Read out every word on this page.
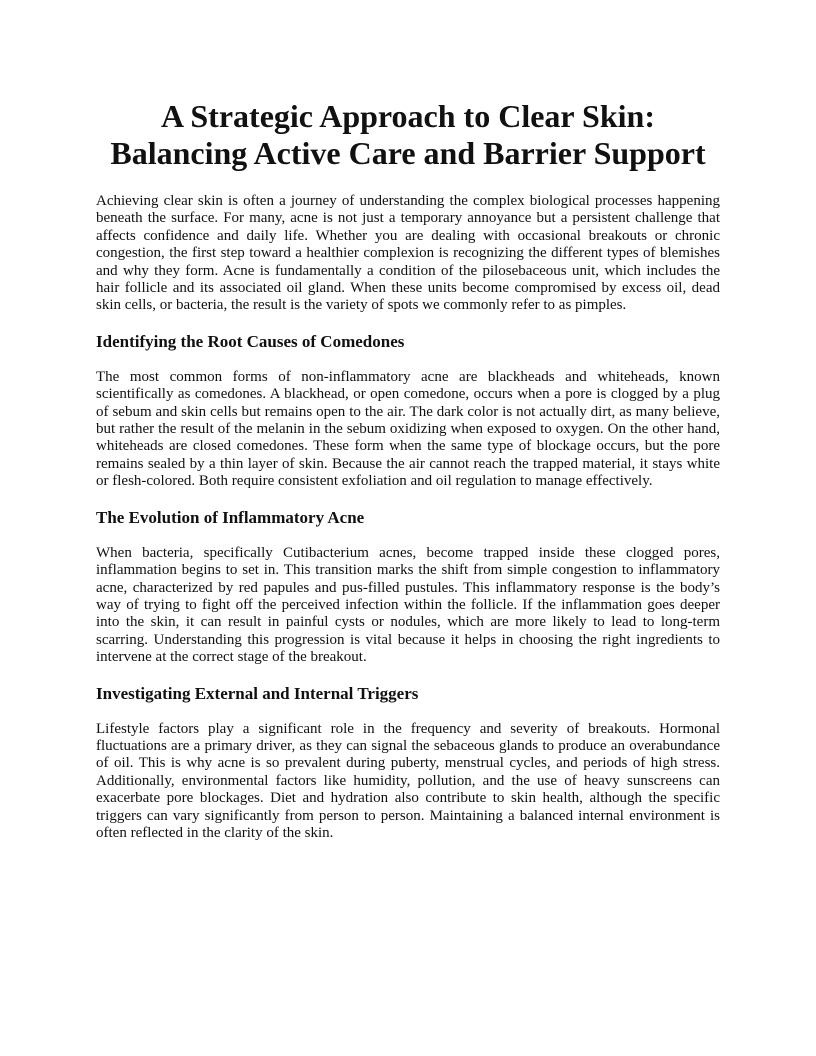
A Strategic Approach to Clear Skin:
Balancing Active Care and Barrier Support

Achieving clear skin is often a journey of understanding the complex biological processes happening beneath the surface. For many, acne is not just a temporary annoyance but a persistent challenge that affects confidence and daily life. Whether you are dealing with occasional breakouts or chronic congestion, the first step toward a healthier complexion is recognizing the different types of blemishes and why they form. Acne is fundamentally a condition of the pilosebaceous unit, which includes the hair follicle and its associated oil gland. When these units become compromised by excess oil, dead skin cells, or bacteria, the result is the variety of spots we commonly refer to as pimples.

Identifying the Root Causes of Comedones

The most common forms of non-inflammatory acne are blackheads and whiteheads, known scientifically as comedones. A blackhead, or open comedone, occurs when a pore is clogged by a plug of sebum and skin cells but remains open to the air. The dark color is not actually dirt, as many believe, but rather the result of the melanin in the sebum oxidizing when exposed to oxygen. On the other hand, whiteheads are closed comedones. These form when the same type of blockage occurs, but the pore remains sealed by a thin layer of skin. Because the air cannot reach the trapped material, it stays white or flesh-colored. Both require consistent exfoliation and oil regulation to manage effectively.

The Evolution of Inflammatory Acne

When bacteria, specifically Cutibacterium acnes, become trapped inside these clogged pores, inflammation begins to set in. This transition marks the shift from simple congestion to inflammatory acne, characterized by red papules and pus-filled pustules. This inflammatory response is the body’s way of trying to fight off the perceived infection within the follicle. If the inflammation goes deeper into the skin, it can result in painful cysts or nodules, which are more likely to lead to long-term scarring. Understanding this progression is vital because it helps in choosing the right ingredients to intervene at the correct stage of the breakout.

Investigating External and Internal Triggers

Lifestyle factors play a significant role in the frequency and severity of breakouts. Hormonal fluctuations are a primary driver, as they can signal the sebaceous glands to produce an overabundance of oil. This is why acne is so prevalent during puberty, menstrual cycles, and periods of high stress. Additionally, environmental factors like humidity, pollution, and the use of heavy sunscreens can exacerbate pore blockages. Diet and hydration also contribute to skin health, although the specific triggers can vary significantly from person to person. Maintaining a balanced internal environment is often reflected in the clarity of the skin.
